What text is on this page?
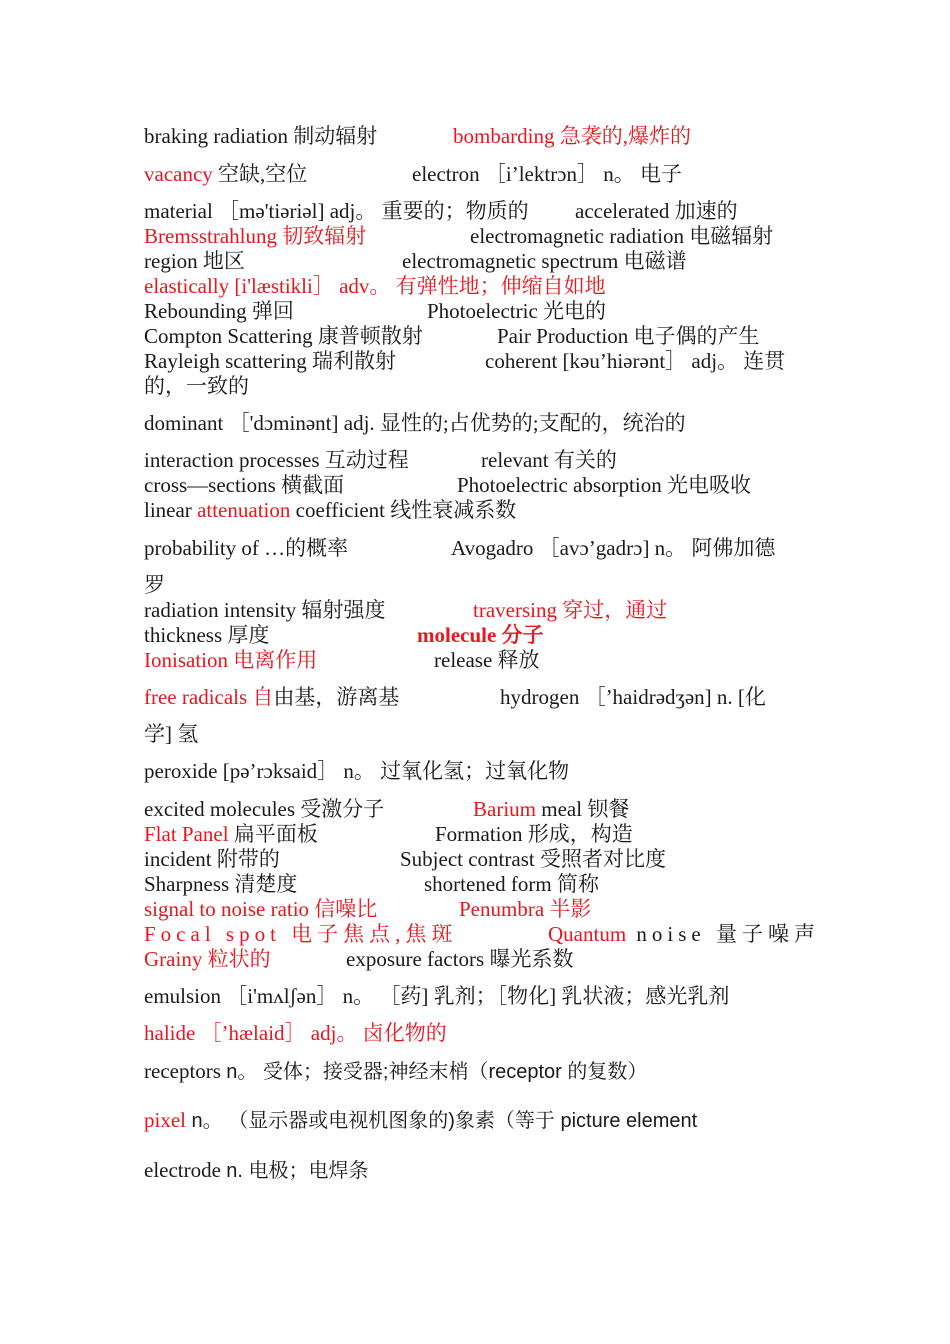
braking radiation 制动辐射	bombarding 急袭的,爆炸的
vacancy 空缺,空位	electron ［i’lektrɔn］ n。 电子
material ［mə'tiəriəl] adj。 重要的；物质的 accelerated 加速的
Bremsstrahlung 韧致辐射	electromagnetic radiation 电磁辐射
region 地区	electromagnetic spectrum 电磁谱
elastically [i'læstikli］ adv。 有弹性地；伸缩自如地
Rebounding 弹回	Photoelectric 光电的
Compton Scattering 康普顿散射	Pair Production 电子偶的产生
Rayleigh scattering 瑞利散射	coherent [kəu’hiərənt］ adj。 连贯
的，一致的
dominant ［'dɔminənt] adj. 显性的;占优势的;支配的，统治的
interaction processes 互动过程	relevant 有关的
cross—sections 横截面	Photoelectric absorption 光电吸收
linear attenuation coefficient 线性衰减系数
probability of …的概率	Avogadro ［avɔ’gadrɔ] n。 阿佛加德
罗
radiation intensity 辐射强度	traversing 穿过，通过
thickness 厚度	molecule 分子
Ionisation 电离作用	release 释放
free radicals 自由基，游离基	hydrogen ［’haidrədʒən] n. [化
学] 氢
peroxide [pə’rɔksaid］ n。 过氧化氢；过氧化物
excited molecules 受激分子	Barium meal 钡餐
Flat Panel 扁平面板	Formation 形成，构造
incident 附带的	Subject contrast 受照者对比度
Sharpness 清楚度	shortened form 简称
signal to noise ratio 信噪比	Penumbra 半影
Focal spot 电子焦点,焦斑	Quantum noise 量子噪声
Grainy 粒状的	exposure factors 曝光系数
emulsion ［i'mʌlʃən］ n。 ［药] 乳剂；［物化] 乳状液；感光乳剂
halide ［’hælaid］ adj。 卤化物的
receptors n。 受体；接受器;神经末梢（receptor 的复数）
pixel n。 （显示器或电视机图象的)象素（等于 picture element
electrode n. 电极；电焊条
